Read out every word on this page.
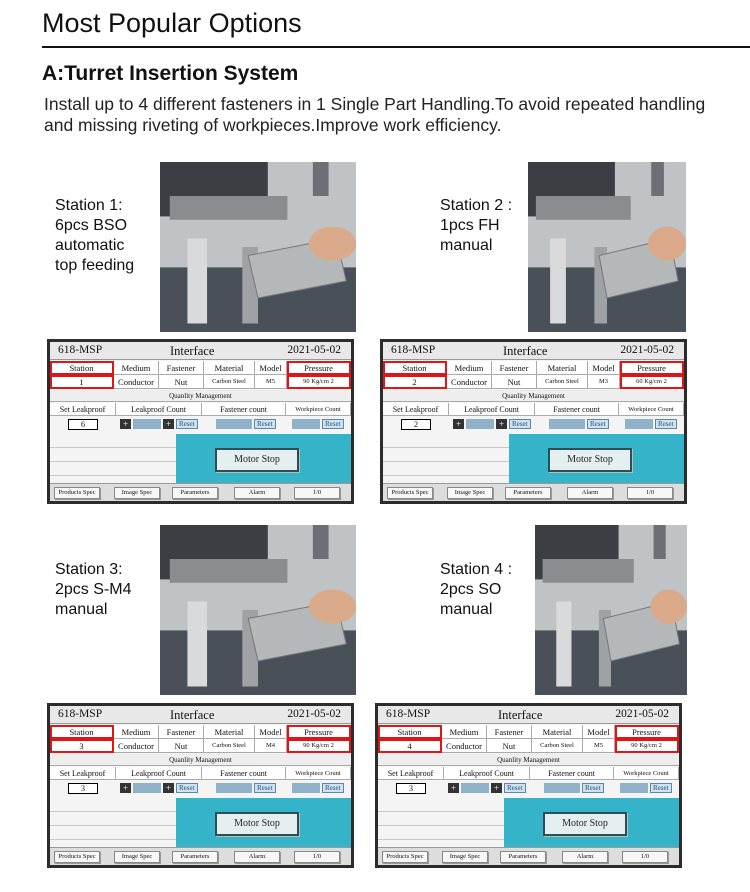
Most Popular Options
A:Turret Insertion System

Install up to 4 different fasteners in 1 Single Part Handling.To avoid repeated handling and missing riveting of workpieces.Improve work efficiency.

Station 1:
6pcs BSO
automatic
top feeding
618-MSP	Interface	2021-05-02
Station	Medium	Fastener	Material	Model	Pressure
1	Conductor	Nut	Carbon Steel	M5	90 Kg/cm 2
Quanlity Management
Set Leakproof	Leakproof Count	Fastener count	Workpiece Count
6	+	+	Reset	Reset	Reset
Motor Stop
Products Spec	Image Spec	Parameters	Alarm	1/0
Station 2 :
1pcs FH
manual
618-MSP	Interface	2021-05-02
Station	Medium	Fastener	Material	Model	Pressure
2	Conductor	Nut	Carbon Steel	M3	60 Kg/cm 2
Quanlity Management
Set Leakproof	Leakproof Count	Fastener count	Workpiece Count
2	+	+	Reset	Reset	Reset
Motor Stop
Products Spec	Image Spec	Parameters	Alarm	1/0
Station 3:
2pcs S-M4
manual
618-MSP	Interface	2021-05-02
Station	Medium	Fastener	Material	Model	Pressure
3	Conductor	Nut	Carbon Steel	M4	90 Kg/cm 2
Quanlity Management
Set Leakproof	Leakproof Count	Fastener count	Workpiece Count
3	+	+	Reset	Reset	Reset
Motor Stop
Products Spec	Image Spec	Parameters	Alarm	1/0
Station 4 :
2pcs SO
manual
618-MSP	Interface	2021-05-02
Station	Medium	Fastener	Material	Model	Pressure
4	Conductor	Nut	Carbon Steel	M5	90 Kg/cm 2
Quanlity Management
Set Leakproof	Leakproof Count	Fastener count	Workpiece Count
3	+	+	Reset	Reset	Reset
Motor Stop
Products Spec	Image Spec	Parameters	Alarm	1/0
